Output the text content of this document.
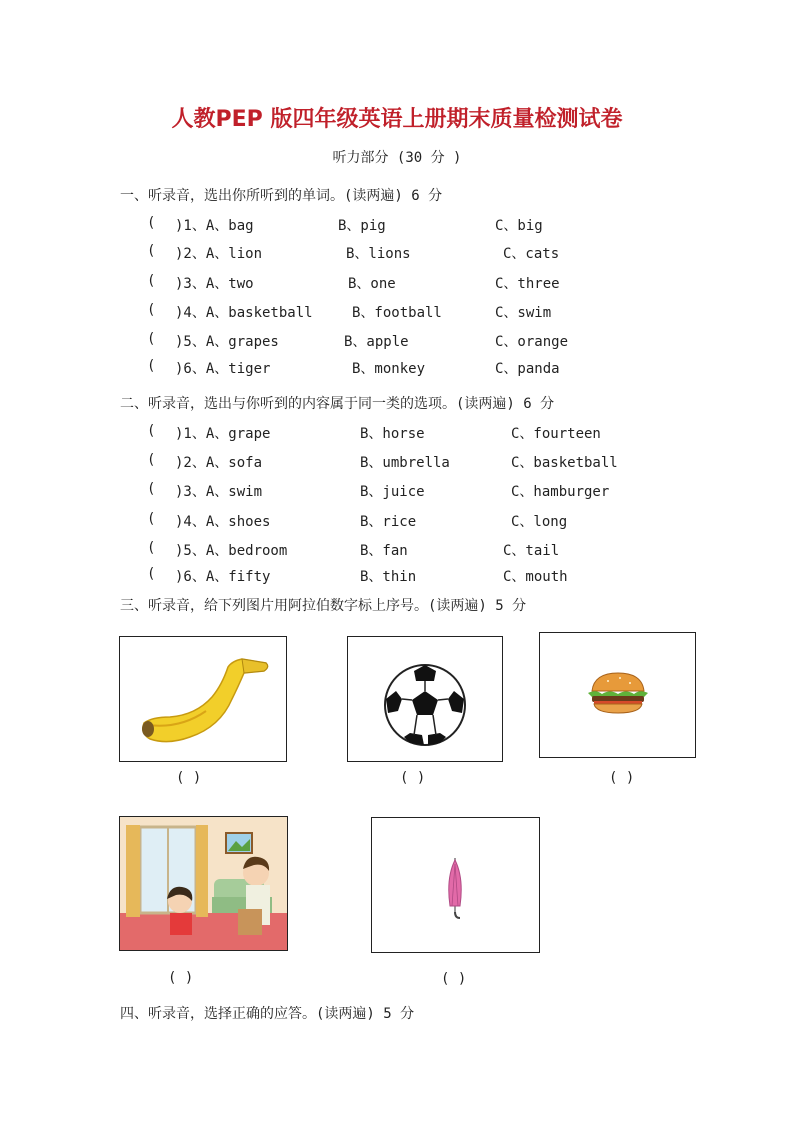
人教PEP 版四年级英语上册期末质量检测试卷
听力部分 (30 分 )
一、听录音，选出你所听到的单词。(读两遍) 6 分
( )1、A、bag	B、pig	C、big
( )2、A、lion	B、lions	C、cats
( )3、A、two	B、one	C、three
( )4、A、basketball	B、football	C、swim
( )5、A、grapes	B、apple	C、orange
( )6、A、tiger	B、monkey	C、panda
二、听录音，选出与你听到的内容属于同一类的选项。(读两遍) 6 分
( )1、A、grape	B、horse	C、fourteen
( )2、A、sofa	B、umbrella	C、basketball
( )3、A、swim	B、juice	C、hamburger
( )4、A、shoes	B、rice	C、long
( )5、A、bedroom	B、fan	C、tail
( )6、A、fifty	B、thin	C、mouth
三、听录音，给下列图片用阿拉伯数字标上序号。(读两遍) 5 分
( )	( )	( )
( )	( )
四、听录音，选择正确的应答。(读两遍) 5 分
